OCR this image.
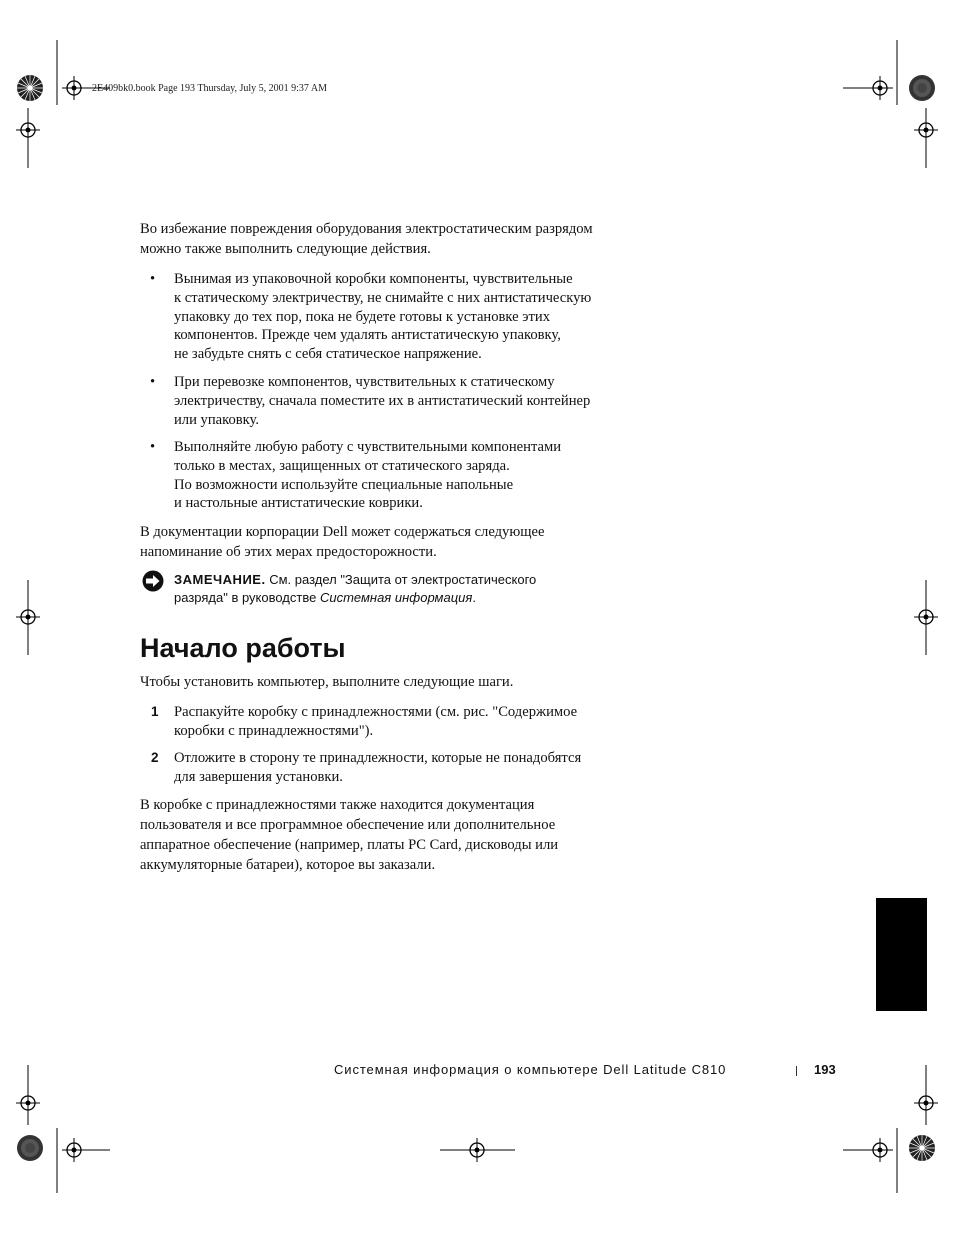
2E409bk0.book Page 193 Thursday, July 5, 2001 9:37 AM

Во избежание повреждения оборудования электростатическим разрядом
можно также выполнить следующие действия.

• Вынимая из упаковочной коробки компоненты, чувствительные
к статическому электричеству, не снимайте с них антистатическую
упаковку до тех пор, пока не будете готовы к установке этих
компонентов. Прежде чем удалять антистатическую упаковку,
не забудьте снять с себя статическое напряжение.

• При перевозке компонентов, чувствительных к статическому
электричеству, сначала поместите их в антистатический контейнер
или упаковку.

• Выполняйте любую работу с чувствительными компонентами
только в местах, защищенных от статического заряда.
По возможности используйте специальные напольные
и настольные антистатические коврики.

В документации корпорации Dell может содержаться следующее
напоминание об этих мерах предосторожности.

ЗАМЕЧАНИЕ. См. раздел "Защита от электростатического
разряда" в руководстве Системная информация.

Начало работы

Чтобы установить компьютер, выполните следующие шаги.

1 Распакуйте коробку с принадлежностями (см. рис. "Содержимое
коробки с принадлежностями").

2 Отложите в сторону те принадлежности, которые не понадобятся
для завершения установки.

В коробке с принадлежностями также находится документация
пользователя и все программное обеспечение или дополнительное
аппаратное обеспечение (например, платы PC Card, дисководы или
аккумуляторные батареи), которое вы заказали.

Системная информация о компьютере Dell Latitude C810	193
